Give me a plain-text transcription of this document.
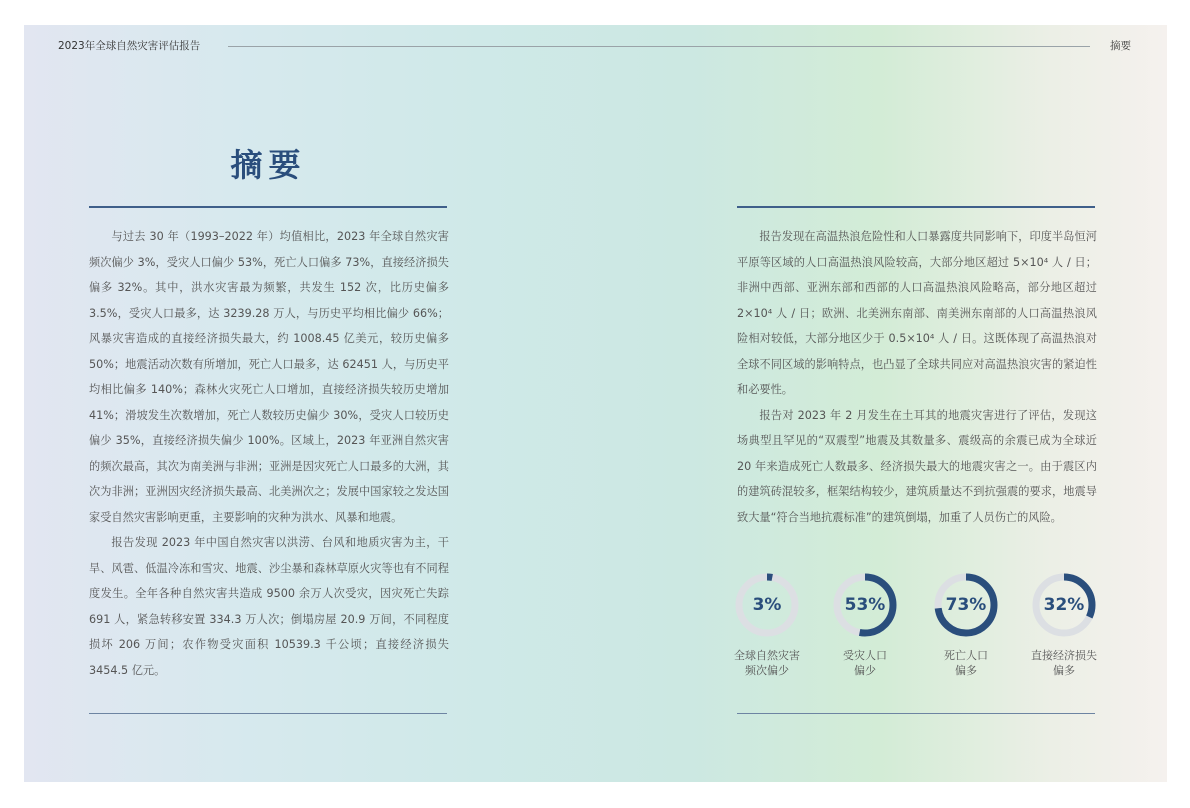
2023年全球自然灾害评估报告	摘要
摘要

与过去 30 年（1993–2022 年）均值相比，2023 年全球自然灾害频次偏少 3%，受灾人口偏少 53%，死亡人口偏多 73%，直接经济损失偏多 32%。其中，洪水灾害最为频繁，共发生 152 次，比历史偏多 3.5%，受灾人口最多，达 3239.28 万人，与历史平均相比偏少 66%；风暴灾害造成的直接经济损失最大，约 1008.45 亿美元，较历史偏多 50%；地震活动次数有所增加，死亡人口最多，达 62451 人，与历史平均相比偏多 140%；森林火灾死亡人口增加，直接经济损失较历史增加 41%；滑坡发生次数增加，死亡人数较历史偏少 30%，受灾人口较历史偏少 35%，直接经济损失偏少 100%。区域上，2023 年亚洲自然灾害的频次最高，其次为南美洲与非洲；亚洲是因灾死亡人口最多的大洲，其次为非洲；亚洲因灾经济损失最高、北美洲次之；发展中国家较之发达国家受自然灾害影响更重，主要影响的灾种为洪水、风暴和地震。

报告发现 2023 年中国自然灾害以洪涝、台风和地质灾害为主，干旱、风雹、低温冷冻和雪灾、地震、沙尘暴和森林草原火灾等也有不同程度发生。全年各种自然灾害共造成 9500 余万人次受灾，因灾死亡失踪 691 人，紧急转移安置 334.3 万人次；倒塌房屋 20.9 万间，不同程度损坏 206 万间；农作物受灾面积 10539.3 千公顷；直接经济损失 3454.5 亿元。

报告发现在高温热浪危险性和人口暴露度共同影响下，印度半岛恒河平原等区域的人口高温热浪风险较高，大部分地区超过 5×10⁴ 人 / 日；非洲中西部、亚洲东部和西部的人口高温热浪风险略高，部分地区超过 2×10⁴ 人 / 日；欧洲、北美洲东南部、南美洲东南部的人口高温热浪风险相对较低，大部分地区少于 0.5×10⁴ 人 / 日。这既体现了高温热浪对全球不同区域的影响特点，也凸显了全球共同应对高温热浪灾害的紧迫性和必要性。

报告对 2023 年 2 月发生在土耳其的地震灾害进行了评估，发现这场典型且罕见的“双震型”地震及其数量多、震级高的余震已成为全球近 20 年来造成死亡人数最多、经济损失最大的地震灾害之一。由于震区内的建筑砖混较多，框架结构较少，建筑质量达不到抗强震的要求，地震导致大量“符合当地抗震标准”的建筑倒塌，加重了人员伤亡的风险。

3%
全球自然灾害
频次偏少
53%
受灾人口
偏少
73%
死亡人口
偏多
32%
直接经济损失
偏多
